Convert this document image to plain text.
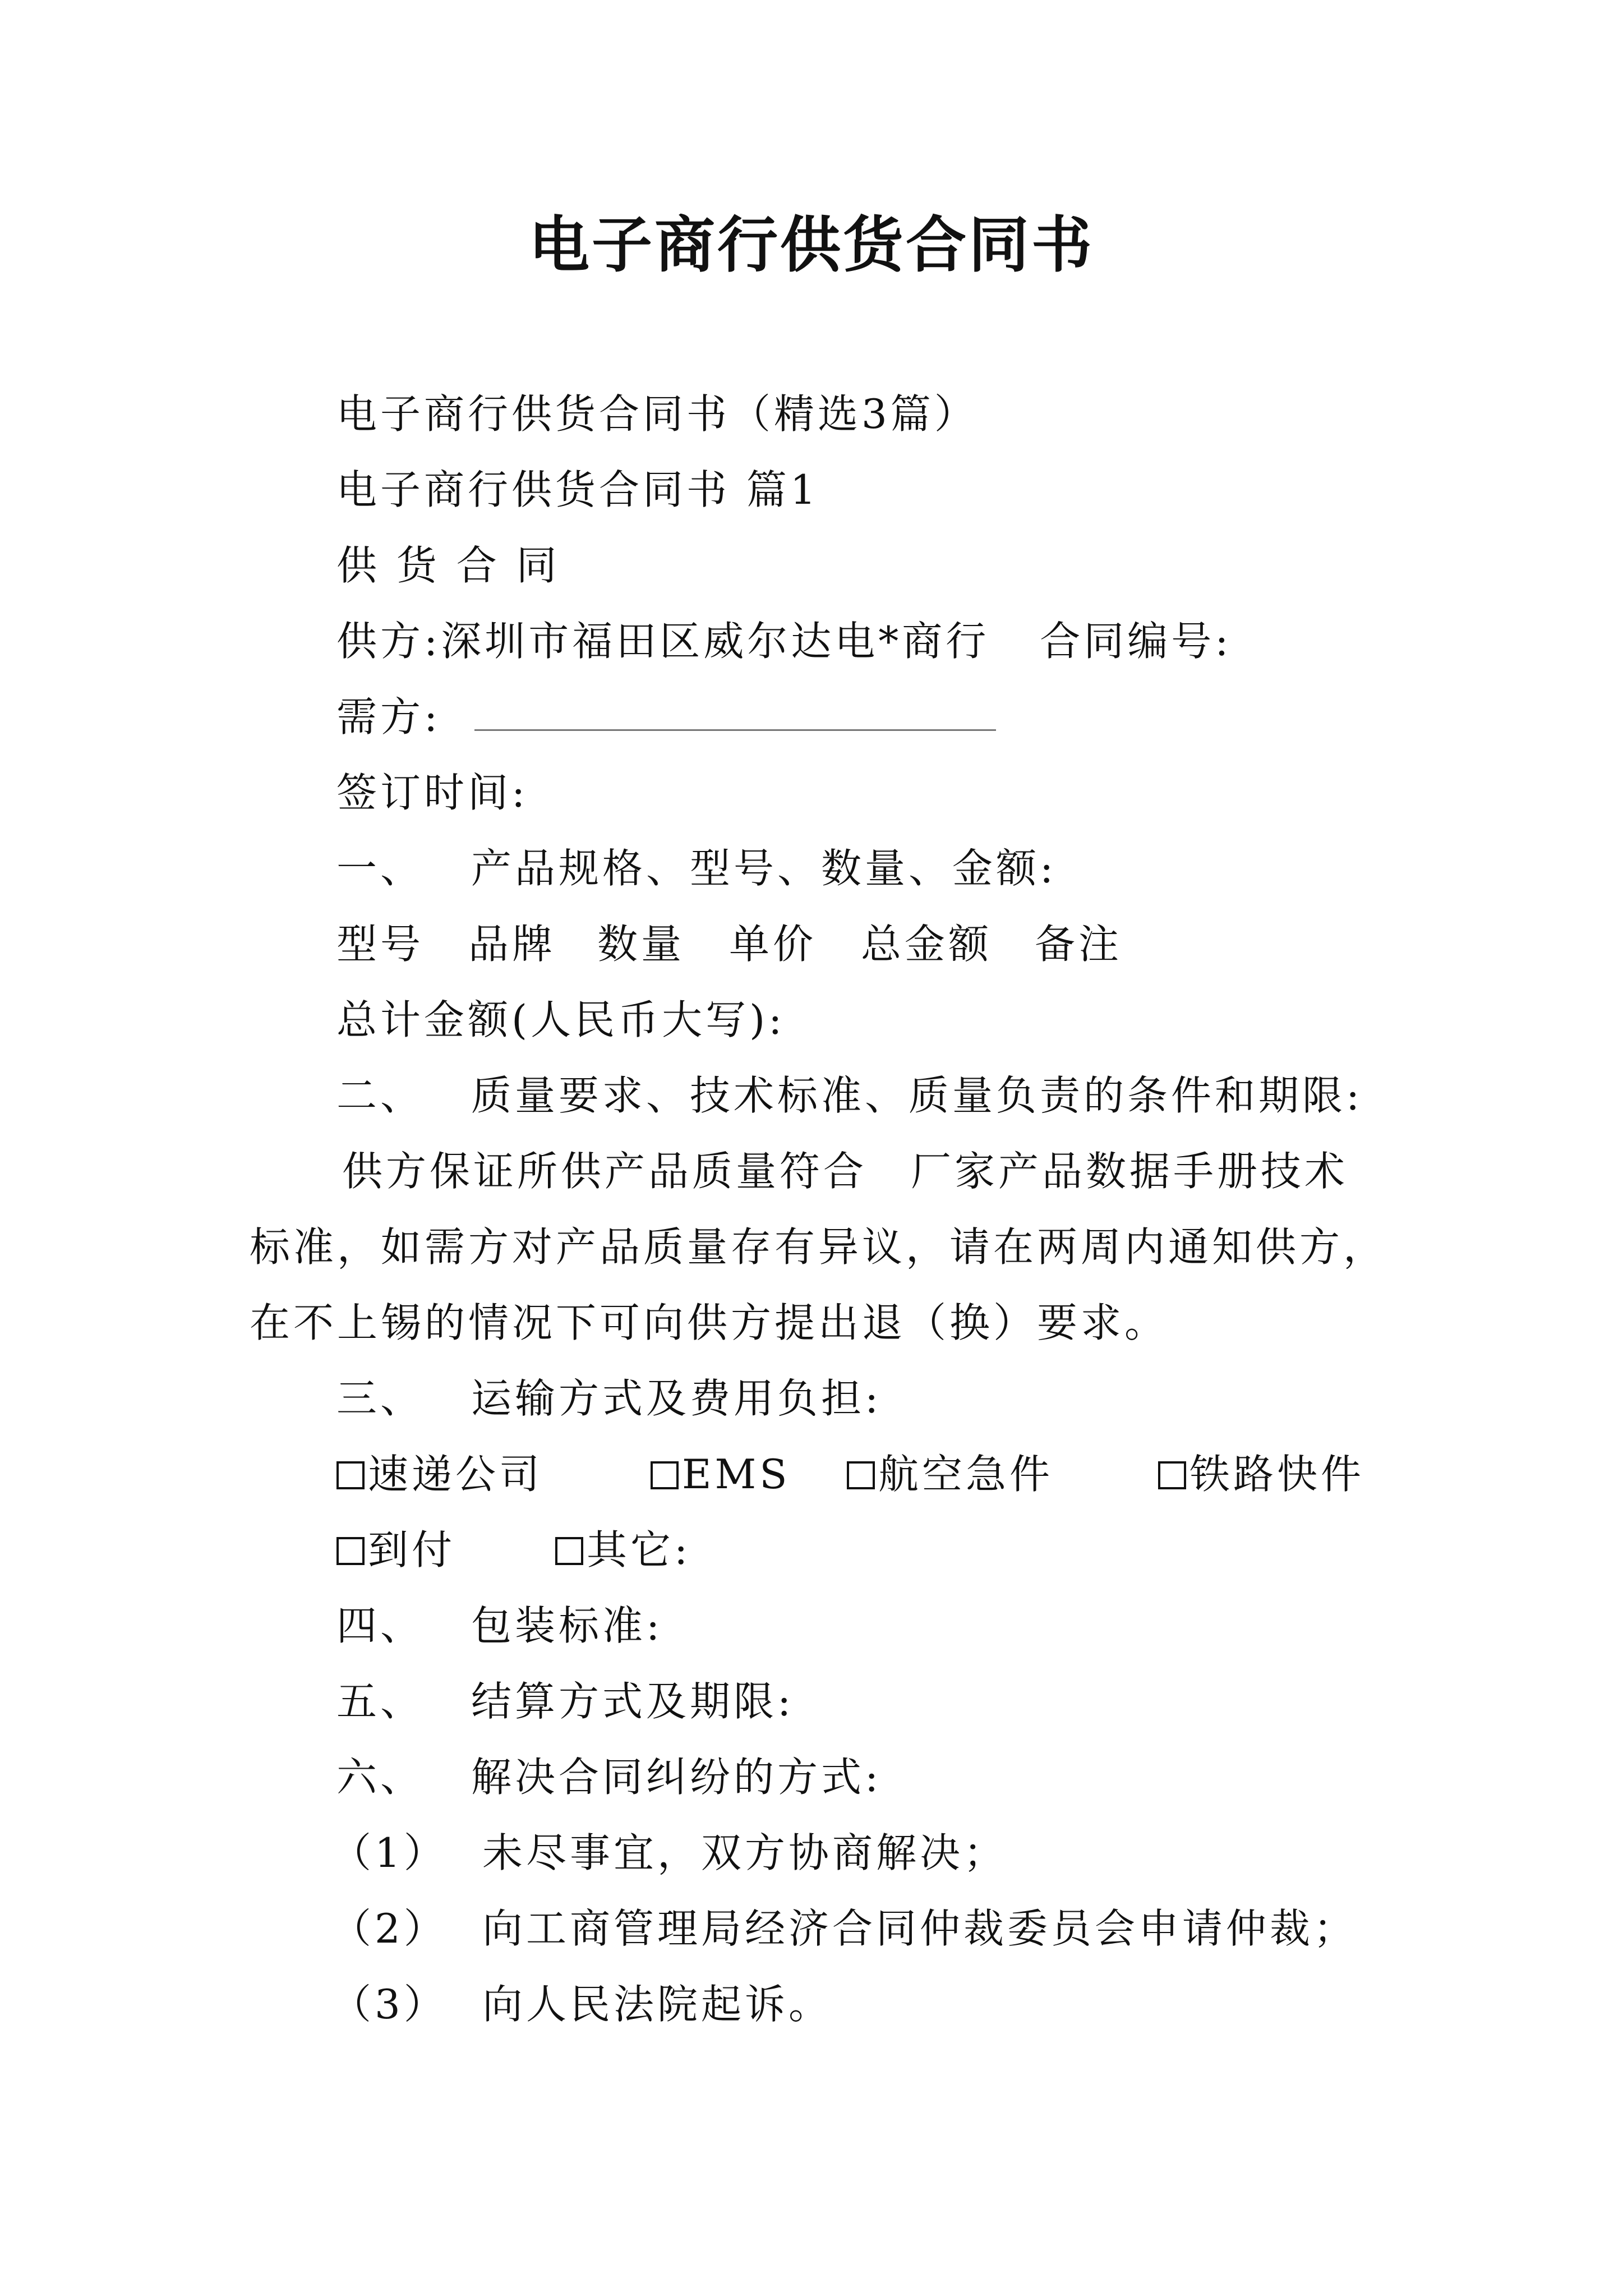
电子商行供货合同书
电子商行供货合同书（精选3篇）
电子商行供货合同书 篇1
供 货 合 同
供方:深圳市福田区威尔达电*商行 合同编号:
需方:
签订时间:
一、 产品规格、型号、数量、金额:
型号 品牌 数量 单价 总金额 备注
总计金额(人民币大写):
二、 质量要求、技术标准、质量负责的条件和期限:
供方保证所供产品质量符合　厂家产品数据手册技术
标准，如需方对产品质量存有异议，请在两周内通知供方，
在不上锡的情况下可向供方提出退（换）要求。
三、 运输方式及费用负担:
速递公司	EMS 航空急件	铁路快件
到付	其它:
四、 包装标准:
五、 结算方式及期限:
六、 解决合同纠纷的方式:
（1） 未尽事宜，双方协商解决；
（2） 向工商管理局经济合同仲裁委员会申请仲裁；
（3） 向人民法院起诉。
